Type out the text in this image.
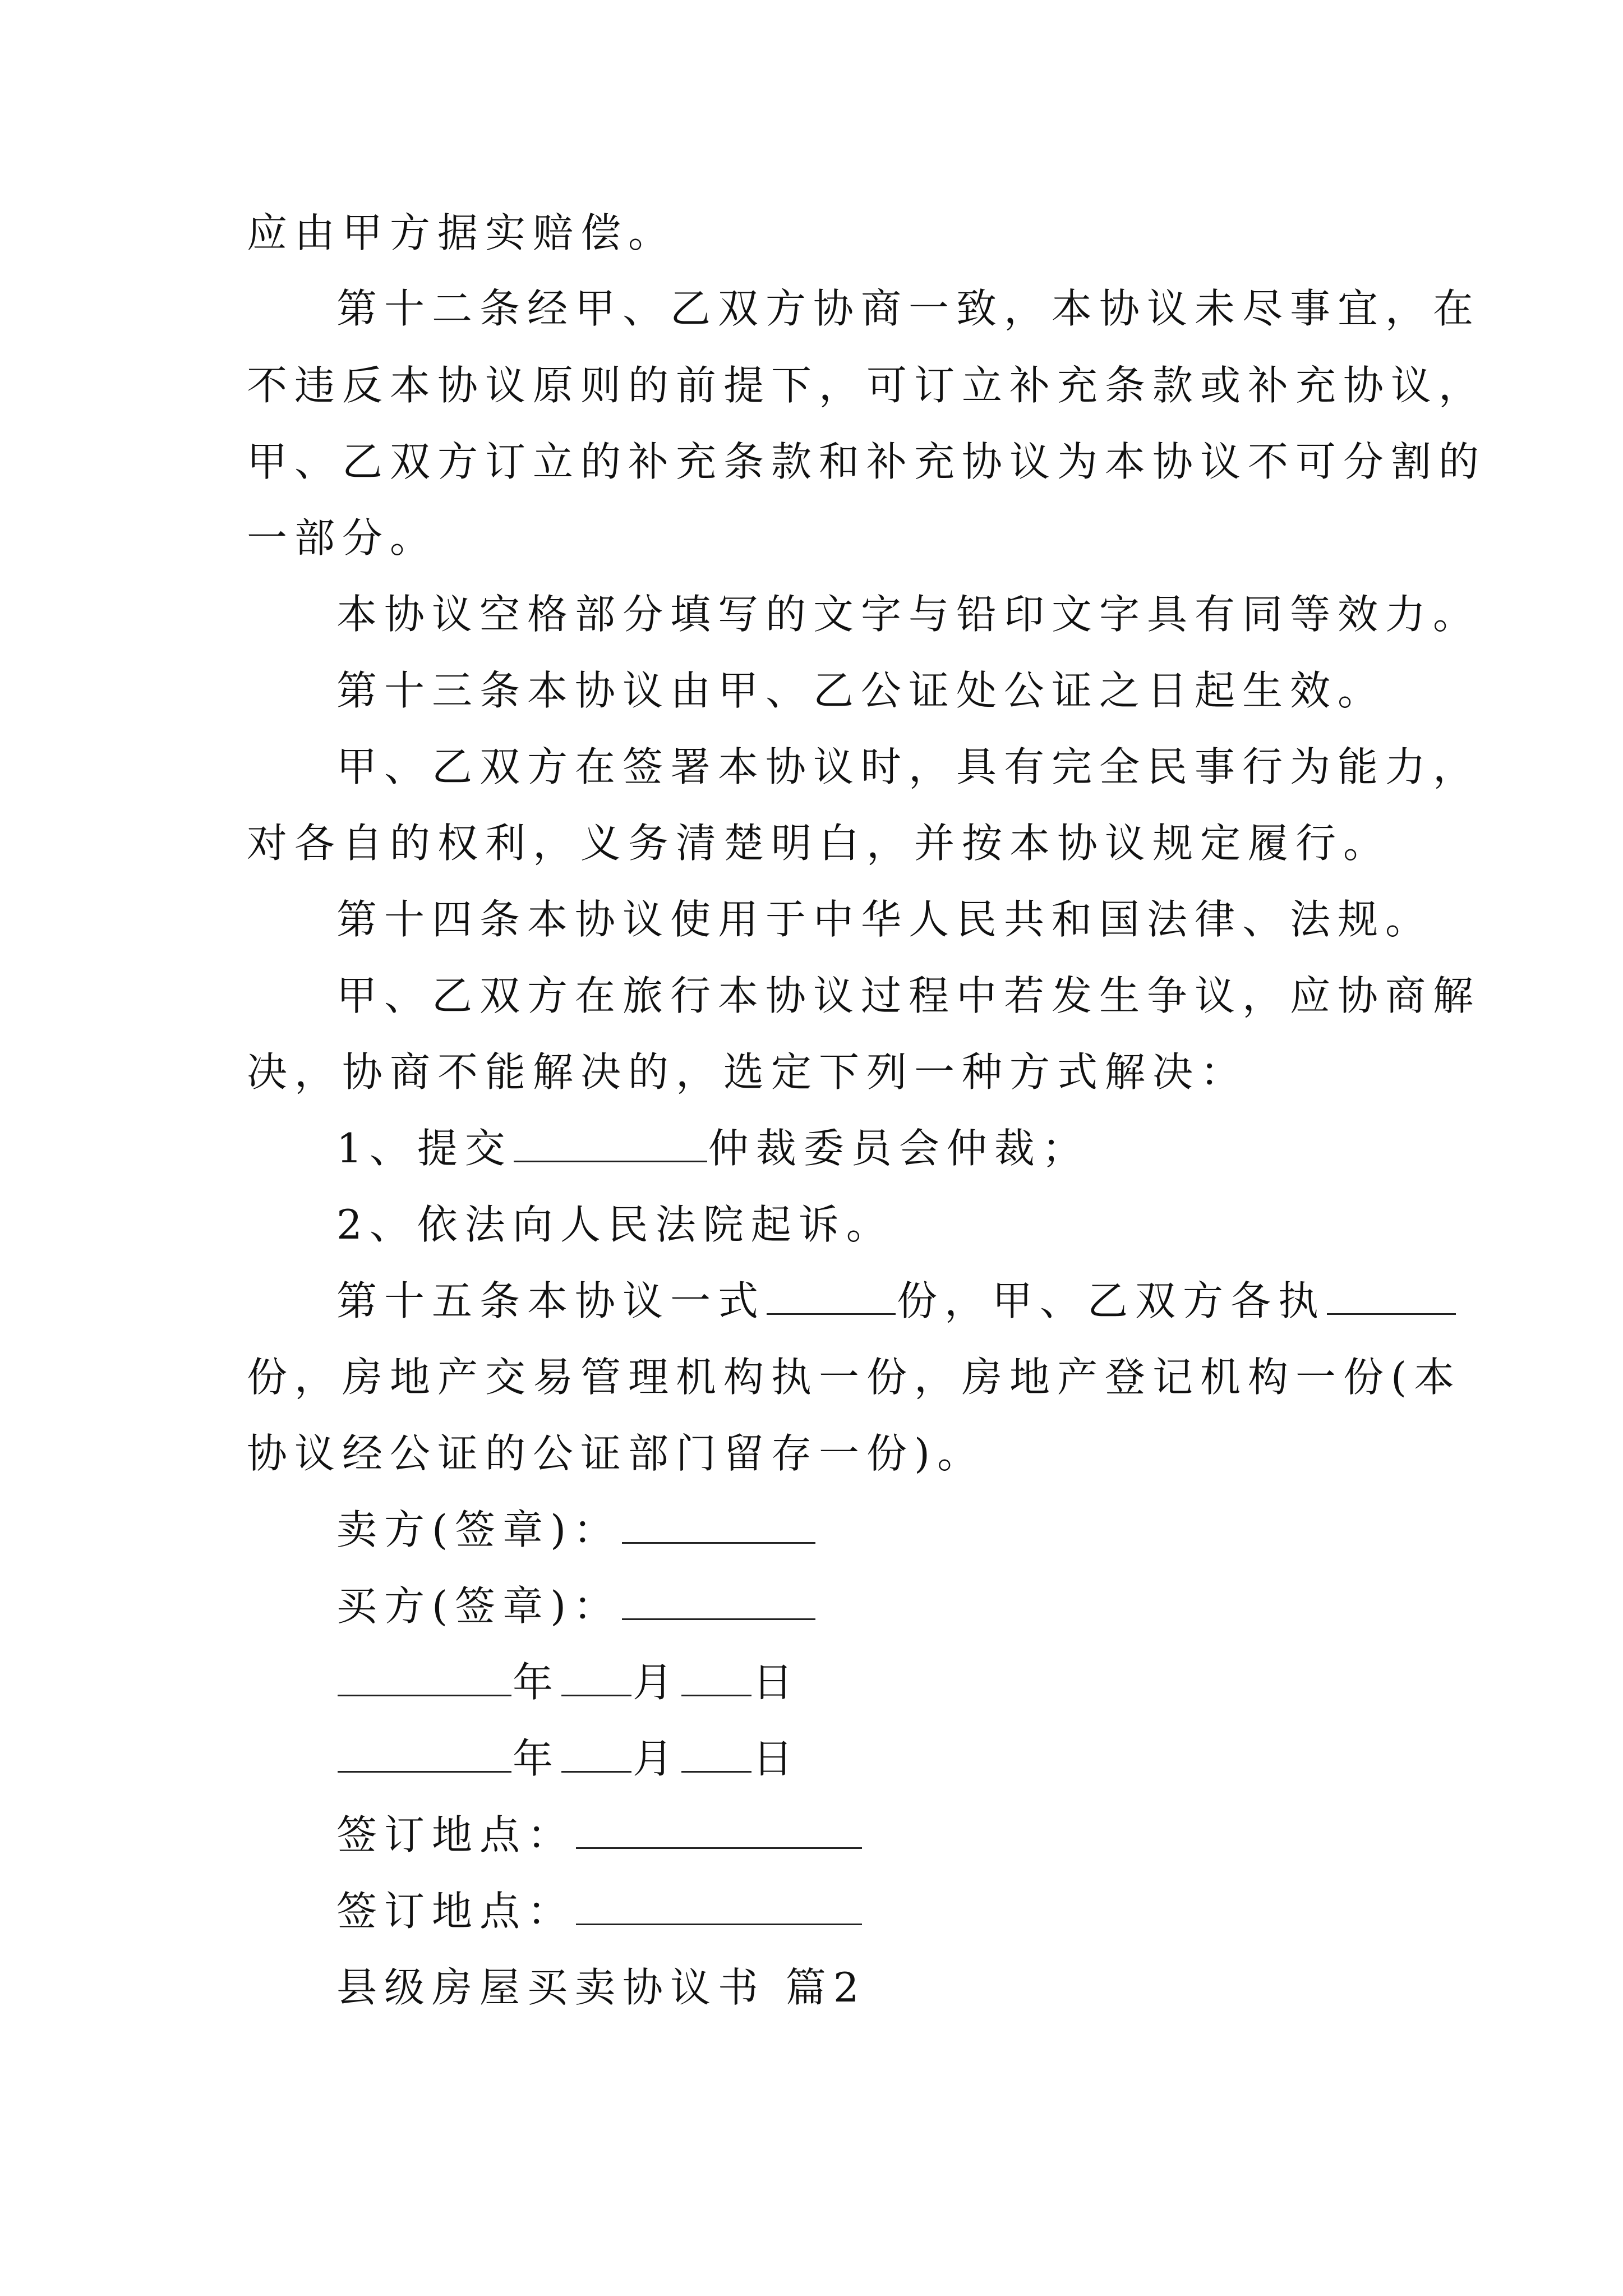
应由甲方据实赔偿。
第十二条经甲、乙双方协商一致，本协议未尽事宜，在
不违反本协议原则的前提下，可订立补充条款或补充协议，
甲、乙双方订立的补充条款和补充协议为本协议不可分割的
一部分。
本协议空格部分填写的文字与铅印文字具有同等效力。
第十三条本协议由甲、乙公证处公证之日起生效。
甲、乙双方在签署本协议时，具有完全民事行为能力，
对各自的权利，义务清楚明白，并按本协议规定履行。
第十四条本协议使用于中华人民共和国法律、法规。
甲、乙双方在旅行本协议过程中若发生争议，应协商解
决，协商不能解决的，选定下列一种方式解决：
1、提交	仲裁委员会仲裁；
2、依法向人民法院起诉。
第十五条本协议一式	份，甲、乙双方各执
份，房地产交易管理机构执一份，房地产登记机构一份(本
协议经公证的公证部门留存一份)。
卖方(签章)：
买方(签章)：
年 月 日
年 月 日
签订地点：
签订地点：
县级房屋买卖协议书 篇2
